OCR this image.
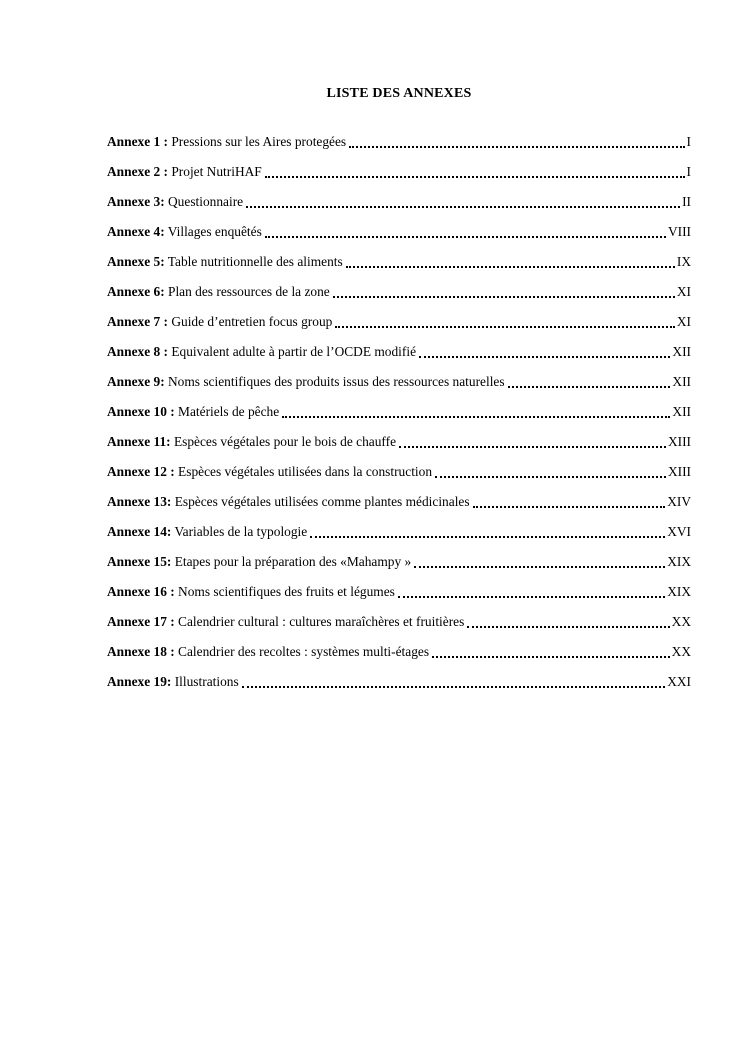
LISTE DES ANNEXES
Annexe 1 : Pressions sur les Aires protegées	I
Annexe 2 : Projet NutriHAF	I
Annexe 3: Questionnaire	II
Annexe 4: Villages enquêtés	VIII
Annexe 5: Table nutritionnelle des aliments	IX
Annexe 6: Plan des ressources de la zone	XI
Annexe 7 : Guide d’entretien focus group	XI
Annexe 8 : Equivalent adulte à partir de l’OCDE modifié	XII
Annexe 9: Noms scientifiques des produits issus des ressources naturelles	XII
Annexe 10 : Matériels de pêche	XII
Annexe 11: Espèces végétales pour le bois de chauffe	XIII
Annexe 12 : Espèces végétales utilisées dans la construction	XIII
Annexe 13: Espèces végétales utilisées comme plantes médicinales	XIV
Annexe 14: Variables de la typologie	XVI
Annexe 15: Etapes pour la préparation des «Mahampy »	XIX
Annexe 16 : Noms scientifiques des fruits et légumes	XIX
Annexe 17 : Calendrier cultural : cultures maraîchères et fruitières	XX
Annexe 18 : Calendrier des recoltes : systèmes multi-étages	XX
Annexe 19: Illustrations	XXI
